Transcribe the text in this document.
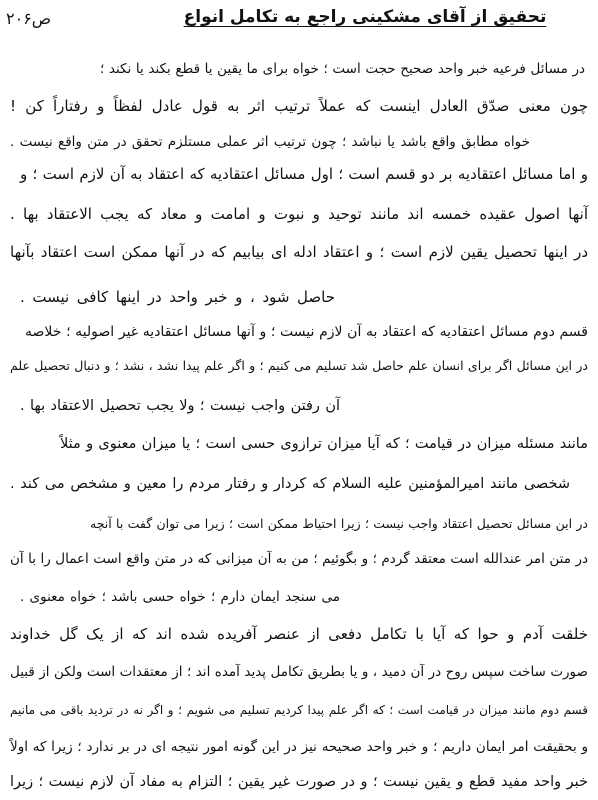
ص۲۰۶	تحقیق از آقای مشکینی راجع به تکامل انواع
در مسائل فرعیه خبر واحد صحیح حجت است ؛ خواه برای ما یقین یا قطع بکند یا نکند ؛
چون معنی صدّق العادل اینست که عملاً ترتیب اثر به قول عادل لفظاً و رفتاراً کن !
خواه مطابق واقع باشد یا نباشد ؛ چون ترتیب اثر عملی مستلزم تحقق در متن واقع نیست .
و اما مسائل اعتقادیه بر دو قسم است ؛ اول مسائل اعتقادیه که اعتقاد به آن لازم است ؛ و
آنها اصول عقیده خمسه اند مانند توحید و نبوت و امامت و معاد که یجب الاعتقاد بها .
در اینها تحصیل یقین لازم است ؛ و اعتقاد ادله ای بیابیم که در آنها ممکن است اعتقاد بآنها
حاصل شود ، و خبر واحد در اینها کافی نیست .
قسم دوم مسائل اعتقادیه که اعتقاد به آن لازم نیست ؛ و آنها مسائل اعتقادیه غیر اصولیه ؛ خلاصه
در این مسائل اگر برای انسان علم حاصل شد تسلیم می کنیم ؛ و اگر علم پیدا نشد ، نشد ؛ و دنبال تحصیل علم
آن رفتن واجب نیست ؛ ولا یجب تحصیل الاعتقاد بها .
مانند مسئله میزان در قیامت ؛ که آیا میزان ترازوی حسی است ؛ یا میزان معنوی و مثلاً
شخصی مانند امیرالمؤمنین علیه السلام که کردار و رفتار مردم را معین و مشخص می کند .
در این مسائل تحصیل اعتقاد واجب نیست ؛ زیرا احتیاط ممکن است ؛ زیرا می توان گفت با آنچه
در متن امر عندالله است معتقد گردم ؛ و بگوئیم ؛ من به آن میزانی که در متن واقع است اعمال را با آن
می سنجد ایمان دارم ؛ خواه حسی باشد ؛ خواه معنوی .
خلقت آدم و حوا که آیا با تکامل دفعی از عنصر آفریده شده اند که از یک گل خداوند
صورت ساخت سپس روح در آن دمید ، و یا بطریق تکامل پدید آمده اند ؛ از معتقدات است ولکن از قبیل
قسم دوم مانند میزان در قیامت است ؛ که اگر علم پیدا کردیم تسلیم می شویم ؛ و اگر نه در تردید باقی می مانیم
و بحقیقت امر ایمان داریم ؛ و خبر واحد صحیحه نیز در این گونه امور نتیجه ای در بر ندارد ؛ زیرا که اولاً
خبر واحد مفید قطع و یقین نیست ؛ و در صورت غیر یقین ؛ التزام به مفاد آن لازم نیست ؛ زیرا
